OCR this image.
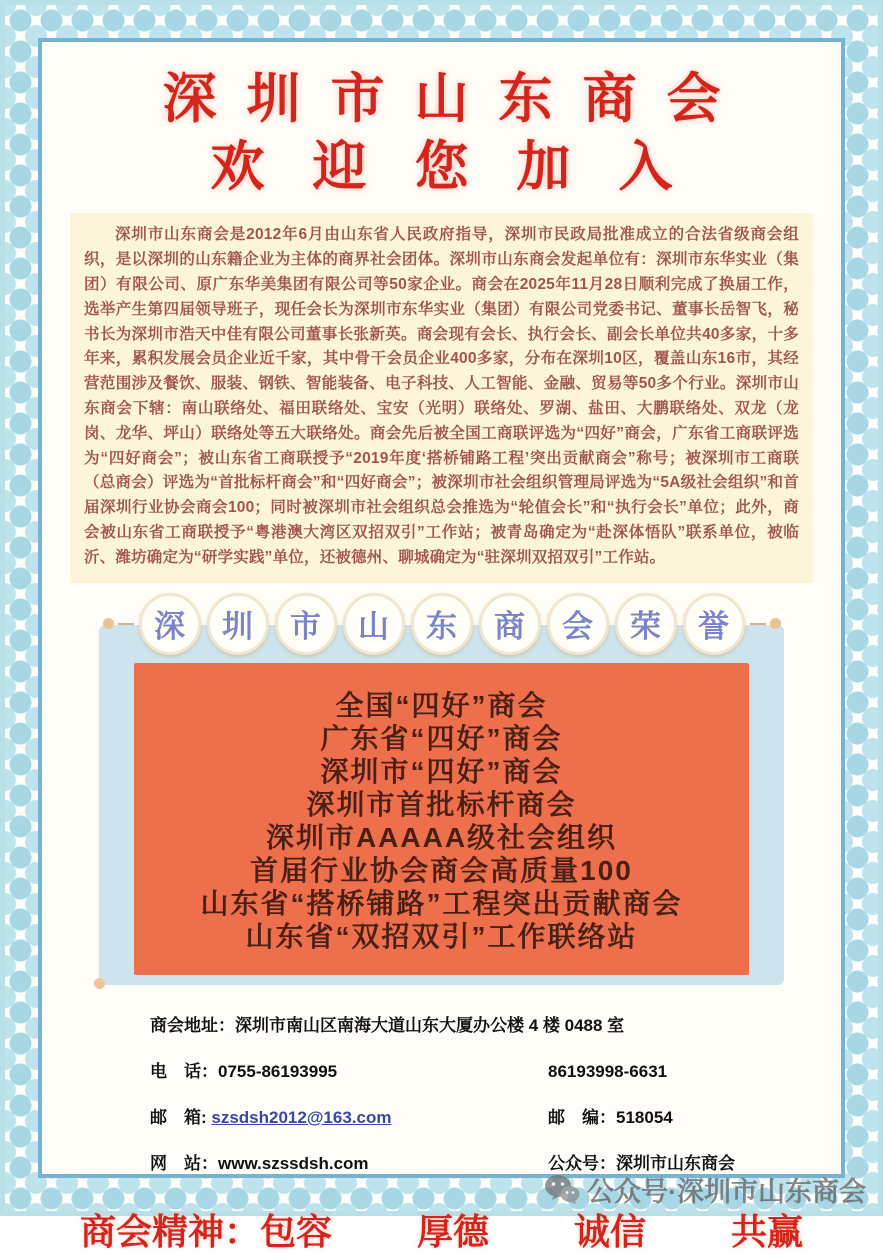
深圳市山东商会
欢迎您加入
深圳市山东商会是2012年6月由山东省人民政府指导，深圳市民政局批准成立的合法省级商会组织，是以深圳的山东籍企业为主体的商界社会团体。深圳市山东商会发起单位有：深圳市东华实业（集团）有限公司、原广东华美集团有限公司等50家企业。商会在2025年11月28日顺利完成了换届工作，选举产生第四届领导班子，现任会长为深圳市东华实业（集团）有限公司党委书记、董事长岳智飞，秘书长为深圳市浩天中佳有限公司董事长张新英。商会现有会长、执行会长、副会长单位共40多家，十多年来，累积发展会员企业近千家，其中骨干会员企业400多家，分布在深圳10区，覆盖山东16市，其经营范围涉及餐饮、服装、钢铁、智能装备、电子科技、人工智能、金融、贸易等50多个行业。深圳市山东商会下辖：南山联络处、福田联络处、宝安（光明）联络处、罗湖、盐田、大鹏联络处、双龙（龙岗、龙华、坪山）联络处等五大联络处。商会先后被全国工商联评选为“四好”商会，广东省工商联评选为“四好商会”；被山东省工商联授予“2019年度‘搭桥铺路工程’突出贡献商会”称号；被深圳市工商联（总商会）评选为“首批标杆商会”和“四好商会”；被深圳市社会组织管理局评选为“5A级社会组织”和首届深圳行业协会商会100；同时被深圳市社会组织总会推选为“轮值会长”和“执行会长”单位；此外，商会被山东省工商联授予“粤港澳大湾区双招双引”工作站；被青岛确定为“赴深体悟队”联系单位，被临沂、潍坊确定为“研学实践”单位，还被德州、聊城确定为“驻深圳双招双引”工作站。
深 圳 市 山 东 商 会 荣 誉
全国“四好”商会
广东省“四好”商会
深圳市“四好”商会
深圳市首批标杆商会
深圳市AAAAA级社会组织
首届行业协会商会高质量100
山东省“搭桥铺路”工程突出贡献商会
山东省“双招双引”工作联络站
商会地址：深圳市南山区南海大道山东大厦办公楼 4 楼 0488 室
电　话：0755-86193995	86193998-6631
邮　箱: szsdsh2012@163.com	邮　编：518054
网　站：www.szssdsh.com	公众号：深圳市山东商会
商会精神：包容 厚德 诚信 共赢
公众号·深圳市山东商会
